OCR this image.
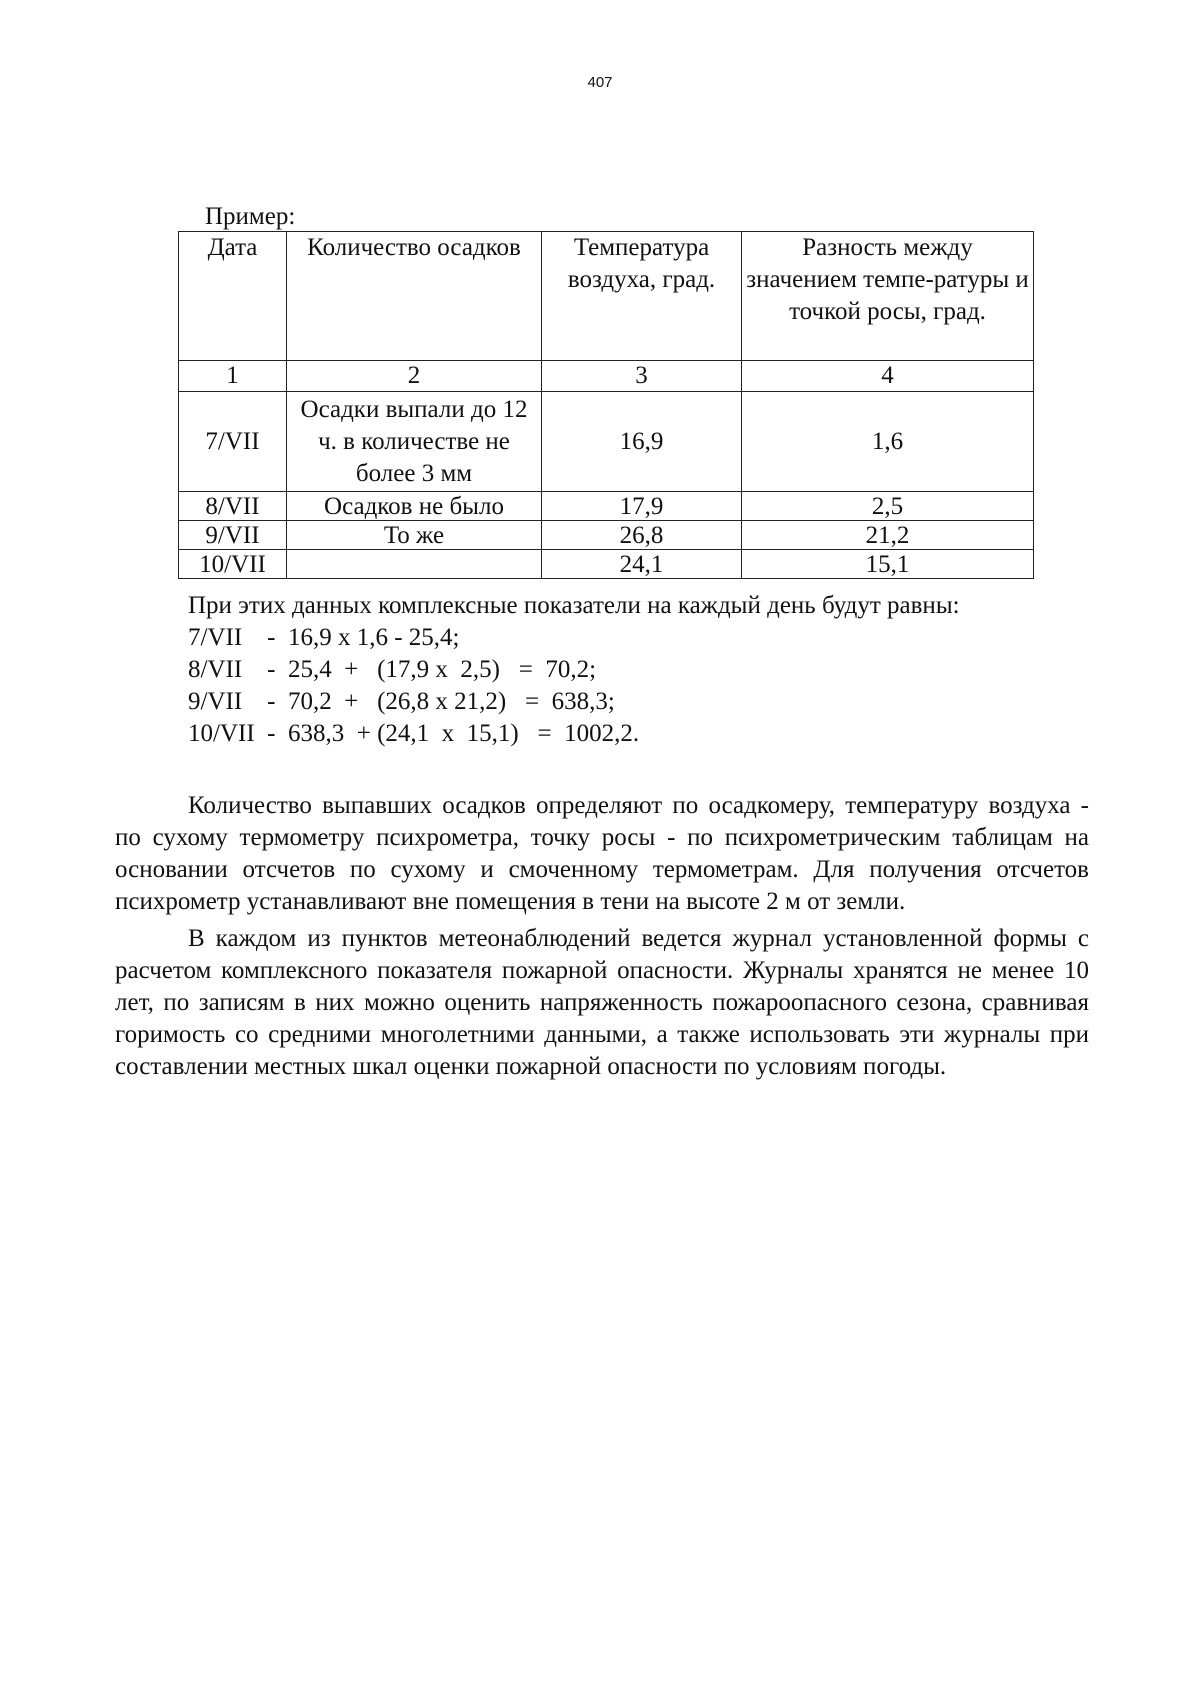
407
Пример:
Дата	Количество осадков	Температура воздуха, град.	Разность между значением темпе-ратуры и точкой росы, град.
1	2	3	4
7/VII	Осадки выпали до 12 ч. в количестве не более 3 мм	16,9	1,6
8/VII	Осадков не было	17,9	2,5
9/VII	То же	26,8	21,2
10/VII		24,1	15,1
При этих данных комплексные показатели на каждый день будут равны:
7/VII    -  16,9 х 1,6 - 25,4;
8/VII    -  25,4  +   (17,9 х  2,5)   =  70,2;
9/VII    -  70,2  +   (26,8 х 21,2)   =  638,3;
10/VII  -  638,3  + (24,1  х  15,1)   =  1002,2.

Количество выпавших осадков определяют по осадкомеру, температуру воздуха - по сухому термометру психрометра, точку росы - по психрометрическим таблицам на основании отсчетов по сухому и смоченному термометрам. Для получения отсчетов психрометр устанавливают вне помещения в тени на высоте 2 м от земли.

В каждом из пунктов метеонаблюдений ведется журнал установленной формы с расчетом комплексного показателя пожарной опасности. Журналы хранятся не менее 10 лет, по записям в них можно оценить напряженность пожароопасного сезона, сравнивая горимость со средними многолетними данными, а также использовать эти журналы при составлении местных шкал оценки пожарной опасности по условиям погоды.
